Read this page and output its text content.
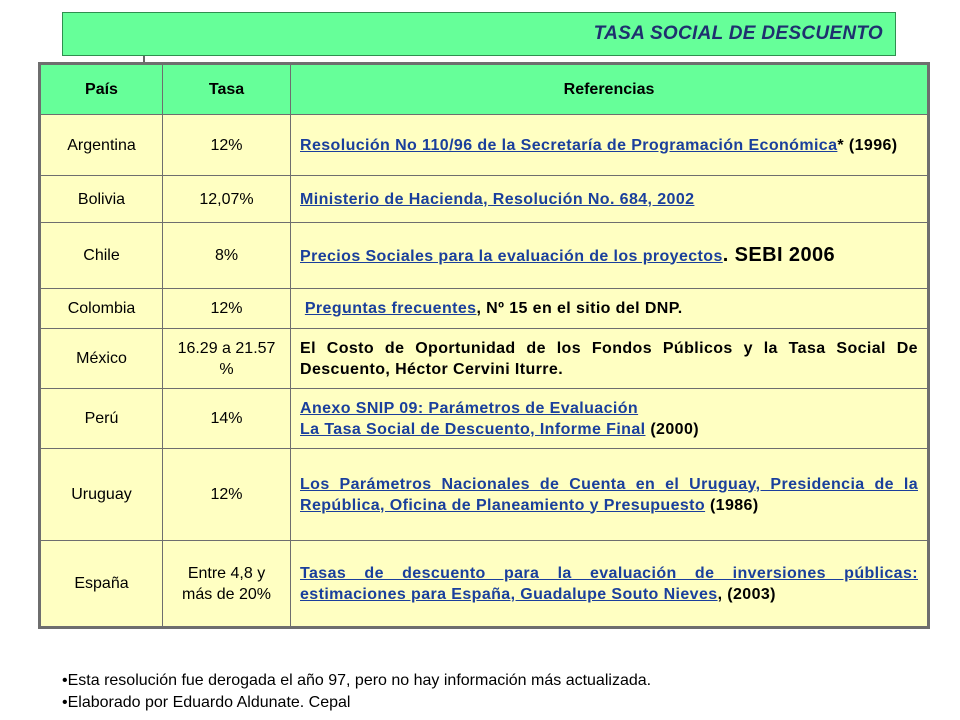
TASA SOCIAL DE DESCUENTO
País	Tasa	Referencias
Argentina	12%	Resolución No 110/96 de la Secretaría de Programación Económica* (1996)
Bolivia	12,07%	Ministerio de Hacienda, Resolución No. 684, 2002
Chile	8%	Precios Sociales para la evaluación de los proyectos. SEBI 2006
Colombia	12%	Preguntas frecuentes, Nº 15 en el sitio del DNP.
México	16.29 a 21.57 %	El Costo de Oportunidad de los Fondos Públicos y la Tasa Social De Descuento, Héctor Cervini Iturre.
Perú	14%	Anexo SNIP 09: Parámetros de Evaluación
La Tasa Social de Descuento, Informe Final (2000)
Uruguay	12%	Los Parámetros Nacionales de Cuenta en el Uruguay, Presidencia de la República, Oficina de Planeamiento y Presupuesto (1986)
España	Entre 4,8 y más de 20%	Tasas de descuento para la evaluación de inversiones públicas: estimaciones para España, Guadalupe Souto Nieves, (2003)
•Esta resolución fue derogada el año 97, pero no hay información más actualizada.
•Elaborado por Eduardo Aldunate. Cepal
